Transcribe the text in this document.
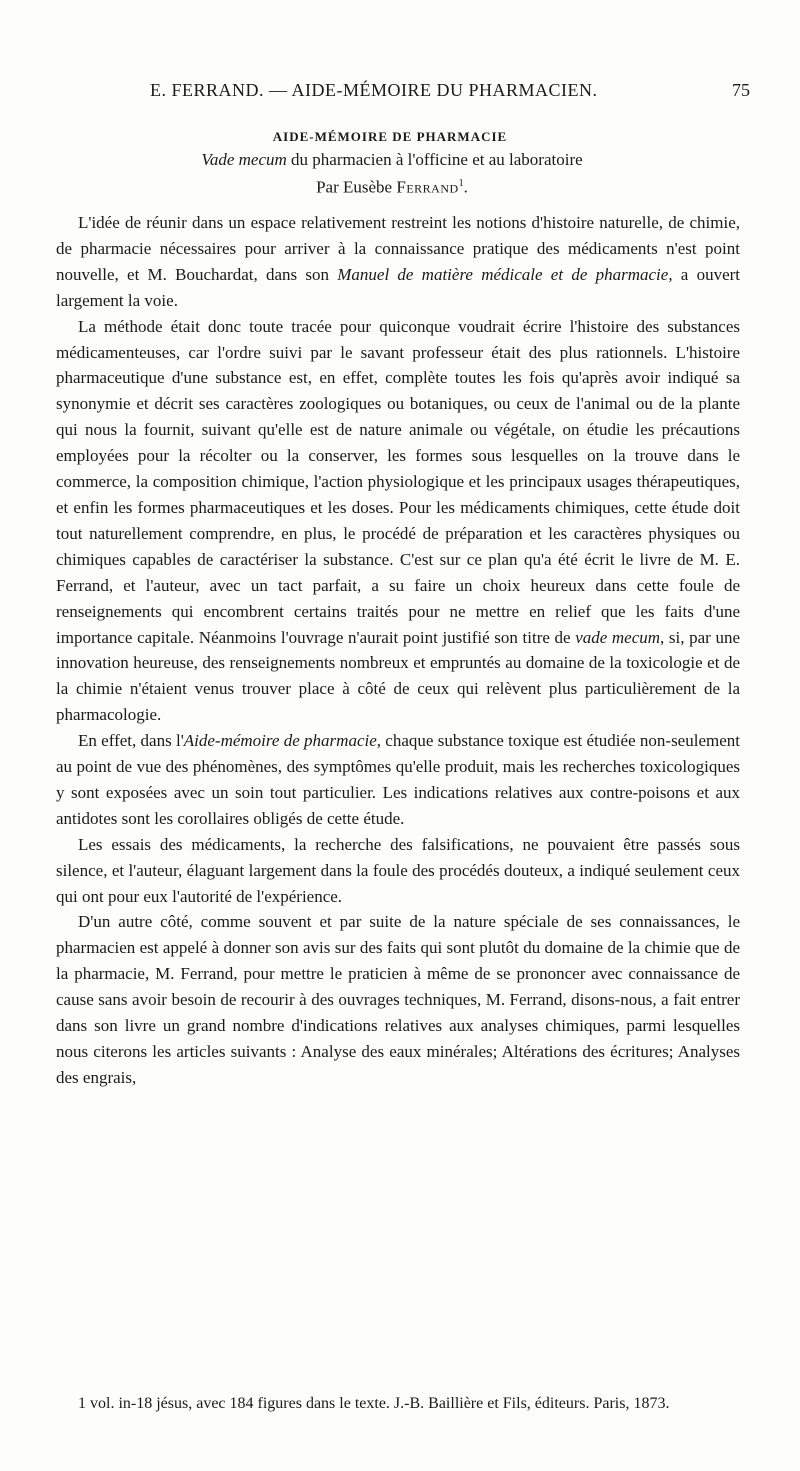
E. FERRAND. — AIDE-MÉMOIRE DU PHARMACIEN.	75
AIDE-MÉMOIRE DE PHARMACIE
Vade mecum du pharmacien à l'officine et au laboratoire
Par Eusèbe Ferrand$^1$.

L'idée de réunir dans un espace relativement restreint les notions d'histoire naturelle, de chimie, de pharmacie nécessaires pour arriver à la connaissance pratique des médicaments n'est point nouvelle, et M. Bouchardat, dans son Manuel de matière médicale et de pharmacie, a ouvert largement la voie.

La méthode était donc toute tracée pour quiconque voudrait écrire l'histoire des substances médicamenteuses, car l'ordre suivi par le savant professeur était des plus rationnels. L'histoire pharmaceutique d'une substance est, en effet, complète toutes les fois qu'après avoir indiqué sa synonymie et décrit ses caractères zoologiques ou botaniques, ou ceux de l'animal ou de la plante qui nous la fournit, suivant qu'elle est de nature animale ou végétale, on étudie les précautions employées pour la récolter ou la conserver, les formes sous lesquelles on la trouve dans le commerce, la composition chimique, l'action physiologique et les principaux usages thérapeutiques, et enfin les formes pharmaceutiques et les doses. Pour les médicaments chimiques, cette étude doit tout naturellement comprendre, en plus, le procédé de préparation et les caractères physiques ou chimiques capables de caractériser la substance. C'est sur ce plan qu'a été écrit le livre de M. E. Ferrand, et l'auteur, avec un tact parfait, a su faire un choix heureux dans cette foule de renseignements qui encombrent certains traités pour ne mettre en relief que les faits d'une importance capitale. Néanmoins l'ouvrage n'aurait point justifié son titre de vade mecum, si, par une innovation heureuse, des renseignements nombreux et empruntés au domaine de la toxicologie et de la chimie n'étaient venus trouver place à côté de ceux qui relèvent plus particulièrement de la pharmacologie.

En effet, dans l'Aide-mémoire de pharmacie, chaque substance toxique est étudiée non-seulement au point de vue des phénomènes, des symptômes qu'elle produit, mais les recherches toxicologiques y sont exposées avec un soin tout particulier. Les indications relatives aux contre-poisons et aux antidotes sont les corollaires obligés de cette étude.

Les essais des médicaments, la recherche des falsifications, ne pouvaient être passés sous silence, et l'auteur, élaguant largement dans la foule des procédés douteux, a indiqué seulement ceux qui ont pour eux l'autorité de l'expérience.

D'un autre côté, comme souvent et par suite de la nature spéciale de ses connaissances, le pharmacien est appelé à donner son avis sur des faits qui sont plutôt du domaine de la chimie que de la pharmacie, M. Ferrand, pour mettre le praticien à même de se prononcer avec connaissance de cause sans avoir besoin de recourir à des ouvrages techniques, M. Ferrand, disons-nous, a fait entrer dans son livre un grand nombre d'indications relatives aux analyses chimiques, parmi lesquelles nous citerons les articles suivants : Analyse des eaux minérales; Altérations des écritures; Analyses des engrais,

1 vol. in-18 jésus, avec 184 figures dans le texte. J.-B. Baillière et Fils, éditeurs. Paris, 1873.
